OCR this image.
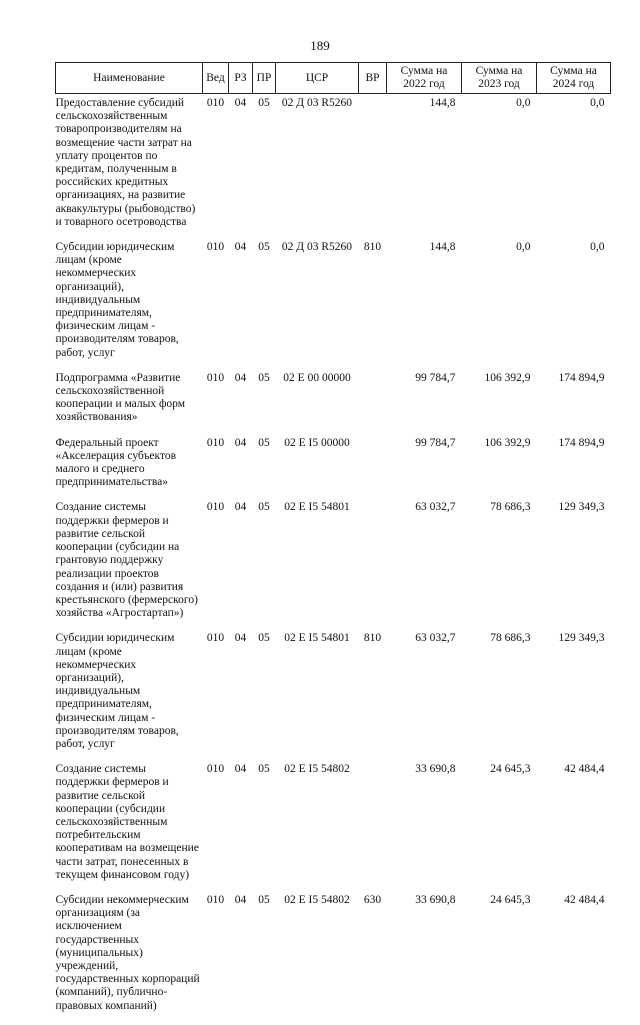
189
Наименование	Вед	РЗ	ПР	ЦСР	ВР	Сумма на 2022 год	Сумма на 2023 год	Сумма на 2024 год
Предоставление субсидий сельскохозяйственным товаропроизводителям на возмещение части затрат на уплату процентов по кредитам, полученным в российских кредитных организациях, на развитие аквакультуры (рыбоводство) и товарного осетроводства	010	04	05	02 Д 03 R5260		144,8	0,0	0,0
Субсидии юридическим лицам (кроме некоммерческих организаций), индивидуальным предпринимателям, физическим лицам - производителям товаров, работ, услуг	010	04	05	02 Д 03 R5260	810	144,8	0,0	0,0
Подпрограмма «Развитие сельскохозяйственной кооперации и малых форм хозяйствования»	010	04	05	02 Е 00 00000		99 784,7	106 392,9	174 894,9
Федеральный проект «Акселерация субъектов малого и среднего предпринимательства»	010	04	05	02 Е I5 00000		99 784,7	106 392,9	174 894,9
Создание системы поддержки фермеров и развитие сельской кооперации (субсидии на грантовую поддержку реализации проектов создания и (или) развития крестьянского (фермерского) хозяйства «Агростартап»)	010	04	05	02 Е I5 54801		63 032,7	78 686,3	129 349,3
Субсидии юридическим лицам (кроме некоммерческих организаций), индивидуальным предпринимателям, физическим лицам - производителям товаров, работ, услуг	010	04	05	02 Е I5 54801	810	63 032,7	78 686,3	129 349,3
Создание системы поддержки фермеров и развитие сельской кооперации (субсидии сельскохозяйственным потребительским кооперативам на возмещение части затрат, понесенных в текущем финансовом году)	010	04	05	02 Е I5 54802		33 690,8	24 645,3	42 484,4
Субсидии некоммерческим организациям (за исключением государственных (муниципальных) учреждений, государственных корпораций (компаний), публично-правовых компаний)	010	04	05	02 Е I5 54802	630	33 690,8	24 645,3	42 484,4
